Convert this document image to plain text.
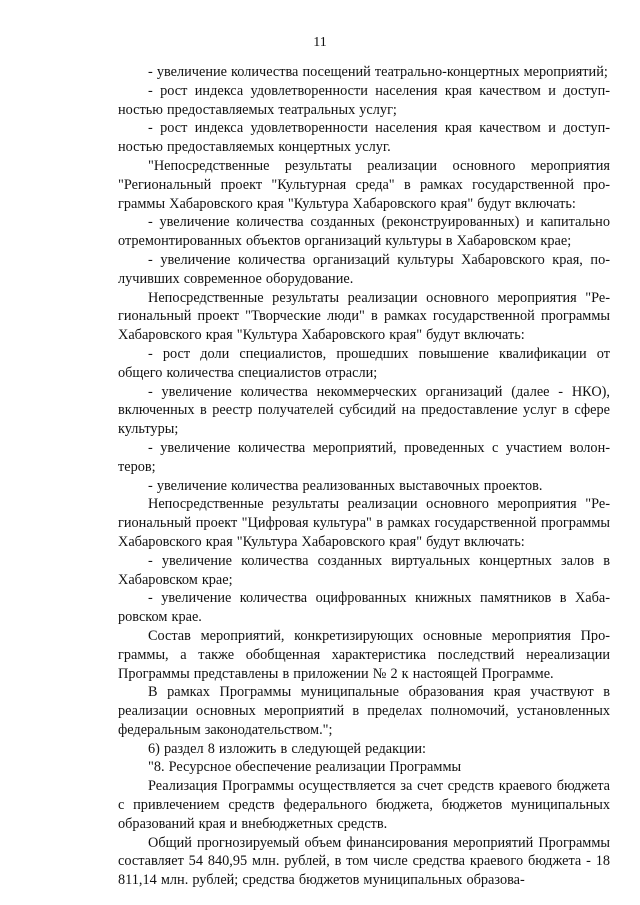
11

- увеличение количества посещений театрально-концертных мероприятий;

- рост индекса удовлетворенности населения края качеством и доступностью предоставляемых театральных услуг;

- рост индекса удовлетворенности населения края качеством и доступностью предоставляемых концертных услуг.

"Непосредственные результаты реализации основного мероприятия "Региональный проект "Культурная среда" в рамках государственной программы Хабаровского края "Культура Хабаровского края" будут включать:

- увеличение количества созданных (реконструированных) и капитально отремонтированных объектов организаций культуры в Хабаровском крае;

- увеличение количества организаций культуры Хабаровского края, получивших современное оборудование.

Непосредственные результаты реализации основного мероприятия "Региональный проект "Творческие люди" в рамках государственной программы Хабаровского края "Культура Хабаровского края" будут включать:

- рост доли специалистов, прошедших повышение квалификации от общего количества специалистов отрасли;

- увеличение количества некоммерческих организаций (далее - НКО), включенных в реестр получателей субсидий на предоставление услуг в сфере культуры;

- увеличение количества мероприятий, проведенных с участием волонтеров;

- увеличение количества реализованных выставочных проектов.

Непосредственные результаты реализации основного мероприятия "Региональный проект "Цифровая культура" в рамках государственной программы Хабаровского края "Культура Хабаровского края" будут включать:

- увеличение количества созданных виртуальных концертных залов в Хабаровском крае;

- увеличение количества оцифрованных книжных памятников в Хабаровском крае.

Состав мероприятий, конкретизирующих основные мероприятия Программы, а также обобщенная характеристика последствий нереализации Программы представлены в приложении № 2 к настоящей Программе.

В рамках Программы муниципальные образования края участвуют в реализации основных мероприятий в пределах полномочий, установленных федеральным законодательством.";

6) раздел 8 изложить в следующей редакции:

"8. Ресурсное обеспечение реализации Программы

Реализация Программы осуществляется за счет средств краевого бюджета с привлечением средств федерального бюджета, бюджетов муниципальных образований края и внебюджетных средств.

Общий прогнозируемый объем финансирования мероприятий Программы составляет 54 840,95 млн. рублей, в том числе средства краевого бюджета - 18 811,14 млн. рублей; средства бюджетов муниципальных образова-
